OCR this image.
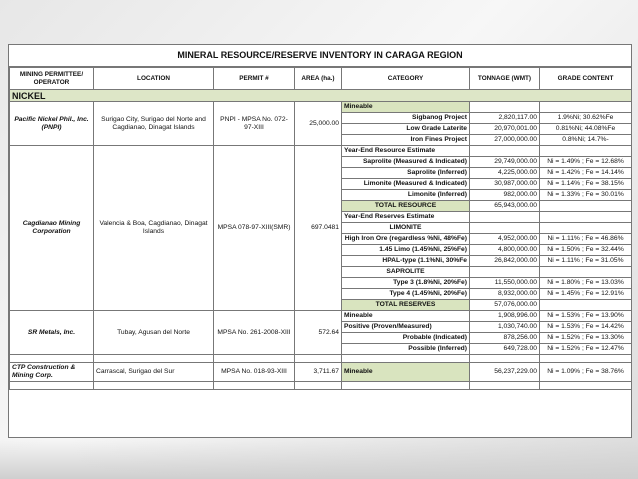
MINERAL RESOURCE/RESERVE INVENTORY IN CARAGA REGION
MINING PERMITTEE/ OPERATOR	LOCATION	PERMIT #	AREA (ha.)	CATEGORY	TONNAGE (WMT)	GRADE CONTENT
NICKEL						
Pacific Nickel Phil., Inc. (PNPI)	Surigao City, Surigao del Norte and Cagdianao, Dinagat Islands	PNPI - MPSA No. 072-97-XIII	25,000.00	Mineable		
				Sigbanog Project	2,820,117.00	1.9%Ni; 30.62%Fe
				Low Grade Laterite	20,970,001.00	0.81%Ni; 44.08%Fe
				Iron Fines Project	27,000,000.00	0.8%Ni; 14.7%-
Cagdianao Mining Corporation	Valencia & Boa, Cagdianao, Dinagat Islands	MPSA 078-97-XIII(SMR)	697.0481	Year-End Resource Estimate		
				Saprolite (Measured & Indicated)	29,749,000.00	Ni = 1.49% ; Fe = 12.68%
				Saprolite (Inferred)	4,225,000.00	Ni = 1.42% ; Fe = 14.14%
				Limonite (Measured & Indicated)	30,987,000.00	Ni = 1.14% ; Fe = 38.15%
				Limonite (Inferred)	982,000.00	Ni = 1.33% ; Fe = 30.01%
				TOTAL RESOURCE	65,943,000.00	
				Year-End Reserves Estimate		
				LIMONITE		
				High Iron Ore (regardless %Ni, 48%Fe)	4,952,000.00	Ni = 1.11% ; Fe = 46.86%
				1.45 Limo (1.45%Ni, 25%Fe)	4,800,000.00	Ni = 1.50% ; Fe = 32.44%
				HPAL-type (1.1%Ni, 30%Fe	26,842,000.00	Ni = 1.11% ; Fe = 31.05%
				SAPROLITE		
				Type 3 (1.8%Ni, 20%Fe)	11,550,000.00	Ni = 1.80% ; Fe = 13.03%
				Type 4 (1.45%Ni, 20%Fe)	8,932,000.00	Ni = 1.45% ; Fe = 12.91%
				TOTAL RESERVES	57,076,000.00	
SR Metals, Inc.	Tubay, Agusan del Norte	MPSA No. 261-2008-XIII	572.64	Mineable	1,908,996.00	Ni = 1.53% ; Fe = 13.90%
				Positive (Proven/Measured)	1,030,740.00	Ni = 1.53% ; Fe = 14.42%
				Probable (Indicated)	878,256.00	Ni = 1.52% ; Fe = 13.30%
				Possible (Inferred)	649,728.00	Ni = 1.52% ; Fe = 12.47%

CTP Construction & Mining Corp.	Carrascal, Surigao del Sur	MPSA No. 018-93-XIII	3,711.67	Mineable	56,237,229.00	Ni = 1.09% ; Fe = 38.76%
